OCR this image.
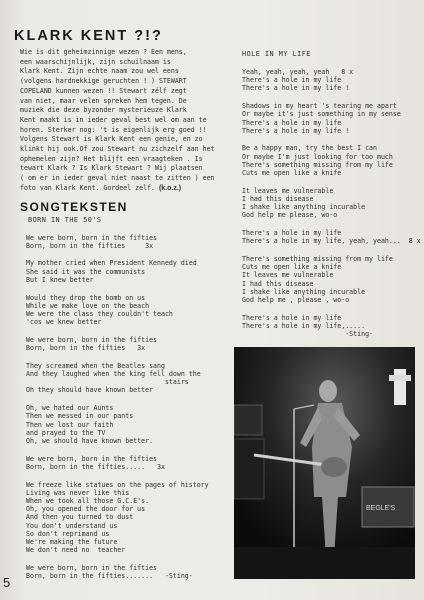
KLARK KENT ?!?

Wie is dit geheimzinnige wezen ? Een mens,
een waarschijnlijk, zijn schuilnaam is
Klark Kent. Zijn echte naam zou wel eens
(volgens hardnekkige geruchten ! ) STEWART
COPELAND kunnen wezen !! Stewart zélf zegt
van niet, maar velen spreken hem tegen. De
muziek die deze byzonder mysterieuze Klark
Kent maakt is in ieder geval best wel om aan te
horen. Sterker nog: 't is eigenlijk erg goed !!
Volgens Stewart is Klark Kent een genie, en zo
klinkt hij ook.Of zou Stewart nu zichzelf aan het
ophemelen zijn? Het blijft een vraagteken . Is
tewart Klark ? Is Klark Stewart ? Wij plaatsen
( om er in ieder geval niet naast te zitten ) een
foto van Klark Kent. Gordeel zelf. (k.o.z.)

SONGTEKSTEN
BORN IN THE 50'S
We were born, born in the fifties
Born, born in the fifties     3x
My mother cried when President Kennedy died
She said it was the communists
But I knew better
Would they drop the bomb on us
While we make love on the beach
We were the class they couldn't teach
'cos we knew better
We were born, born in the fifties
Born, born in the fifties   3x
They screamed when the Beatles sang
And they laughed when the king fell down the
stairs
Oh they should have known better
Oh, we hated our Aunts
Then we messed in our pants
Then we lost our faith
and prayed to the TV
Oh, we should have known better.
We were born, born in the fifties
Born, born in the fifties.....   3x
We freeze like statues on the pages of history
Living was never like this
When we took all those G.C.E's.
Oh, you opened the door for us
And then you turned to dust
You don't understand us
So don't reprimand us
We're making the future
We don't need no  teacher
We were born, born in the fifties
Born, born in the fifties.......   -Sting-
HOLE IN MY LIFE
Yeah, yeah, yeah, yeah   8 x
There's a hole in my life
There's a hole in my life !
Shadows in my heart 's tearing me apart
Or maybe it's just something in my sense
There's a hole in my life
There's a hole in my life !
Be a happy man, try the best I can
Or maybe I'm just looking for too much
There's something missing from my life
Cuts me open like a knife
It leaves me vulnerable
I had this disease
I shake like anything incurable
God help me please, wo-o
There's a hole in my life
There's a hole in my life, yeah, yeah...  8 x
There's something missing from my life
Cuts me open like a knife
It leaves me vulnerable
I had this disease
I shake like anything incurable
God help me , please , wo-o
There's a hole in my life
There's a hole in my life,.....
-Sting-
BEGLE'S
5
